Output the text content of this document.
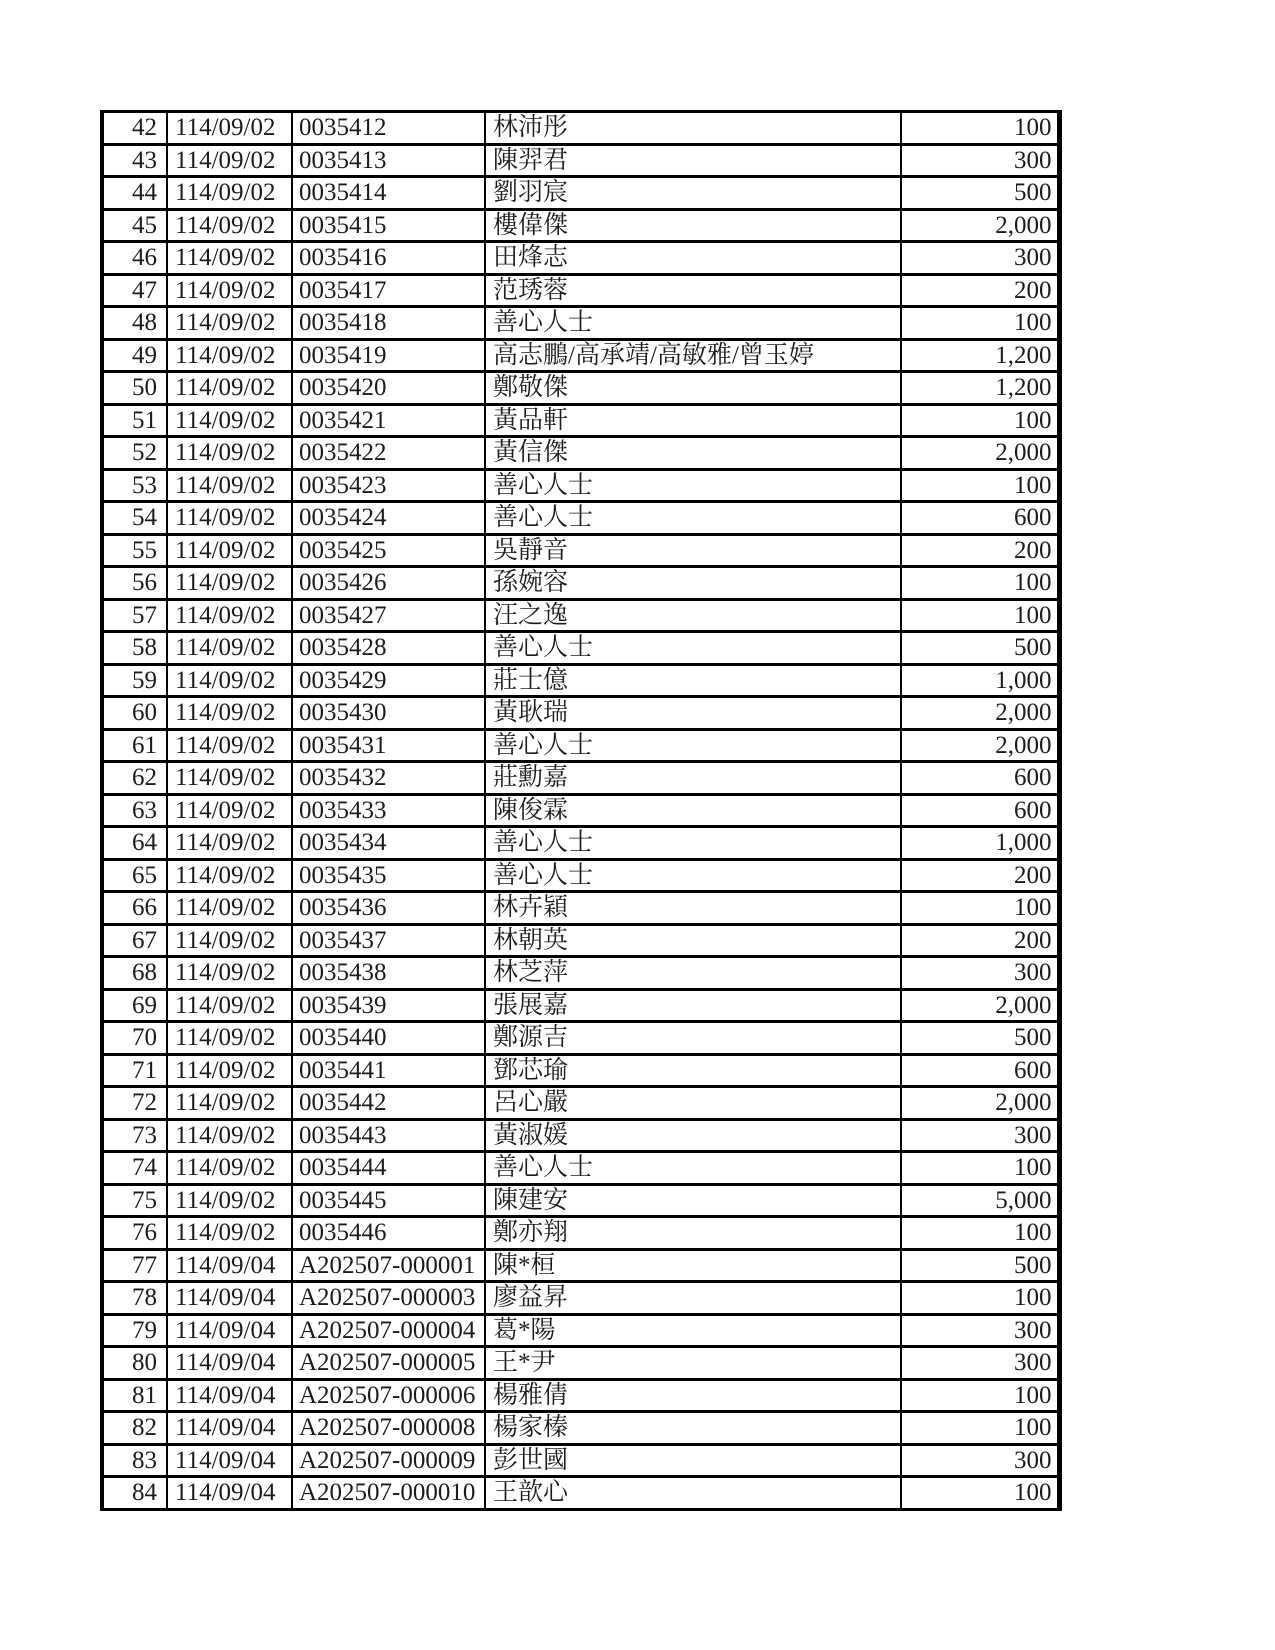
42	114/09/02	0035412	林沛彤	100
43	114/09/02	0035413	陳羿君	300
44	114/09/02	0035414	劉羽宸	500
45	114/09/02	0035415	樓偉傑	2,000
46	114/09/02	0035416	田烽志	300
47	114/09/02	0035417	范琇蓉	200
48	114/09/02	0035418	善心人士	100
49	114/09/02	0035419	高志鵬/高承靖/高敏雅/曾玉婷	1,200
50	114/09/02	0035420	鄭敬傑	1,200
51	114/09/02	0035421	黃品軒	100
52	114/09/02	0035422	黃信傑	2,000
53	114/09/02	0035423	善心人士	100
54	114/09/02	0035424	善心人士	600
55	114/09/02	0035425	吳靜音	200
56	114/09/02	0035426	孫婉容	100
57	114/09/02	0035427	汪之逸	100
58	114/09/02	0035428	善心人士	500
59	114/09/02	0035429	莊士億	1,000
60	114/09/02	0035430	黃耿瑞	2,000
61	114/09/02	0035431	善心人士	2,000
62	114/09/02	0035432	莊勳嘉	600
63	114/09/02	0035433	陳俊霖	600
64	114/09/02	0035434	善心人士	1,000
65	114/09/02	0035435	善心人士	200
66	114/09/02	0035436	林卉穎	100
67	114/09/02	0035437	林朝英	200
68	114/09/02	0035438	林芝萍	300
69	114/09/02	0035439	張展嘉	2,000
70	114/09/02	0035440	鄭源吉	500
71	114/09/02	0035441	鄧芯瑜	600
72	114/09/02	0035442	呂心嚴	2,000
73	114/09/02	0035443	黃淑媛	300
74	114/09/02	0035444	善心人士	100
75	114/09/02	0035445	陳建安	5,000
76	114/09/02	0035446	鄭亦翔	100
77	114/09/04	A202507-000001	陳*桓	500
78	114/09/04	A202507-000003	廖益昇	100
79	114/09/04	A202507-000004	葛*陽	300
80	114/09/04	A202507-000005	王*尹	300
81	114/09/04	A202507-000006	楊雅倩	100
82	114/09/04	A202507-000008	楊家榛	100
83	114/09/04	A202507-000009	彭世國	300
84	114/09/04	A202507-000010	王歆心	100
